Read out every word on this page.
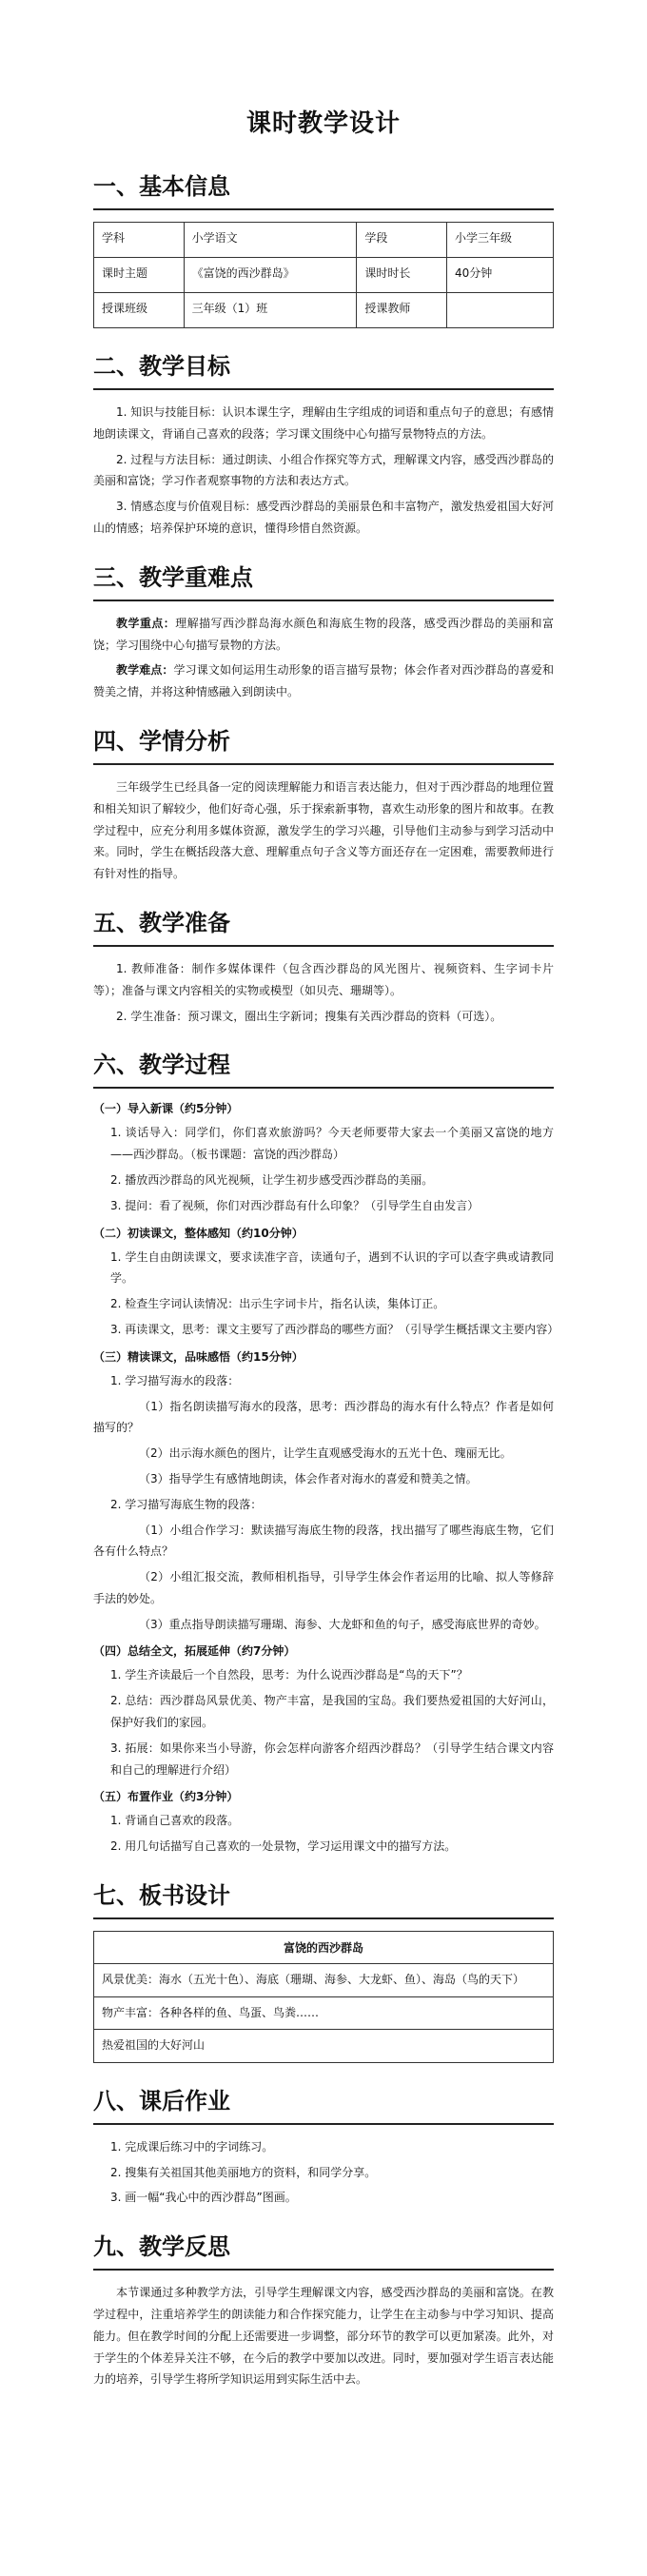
课时教学设计
一、基本信息
学科	小学语文	学段	小学三年级
课时主题	《富饶的西沙群岛》	课时时长	40分钟
授课班级	三年级（1）班	授课教师	
二、教学目标

1. 知识与技能目标：认识本课生字，理解由生字组成的词语和重点句子的意思；有感情地朗读课文，背诵自己喜欢的段落；学习课文围绕中心句描写景物特点的方法。

2. 过程与方法目标：通过朗读、小组合作探究等方式，理解课文内容，感受西沙群岛的美丽和富饶；学习作者观察事物的方法和表达方式。

3. 情感态度与价值观目标：感受西沙群岛的美丽景色和丰富物产，激发热爱祖国大好河山的情感；培养保护环境的意识，懂得珍惜自然资源。

三、教学重难点

教学重点：理解描写西沙群岛海水颜色和海底生物的段落，感受西沙群岛的美丽和富饶；学习围绕中心句描写景物的方法。

教学难点：学习课文如何运用生动形象的语言描写景物；体会作者对西沙群岛的喜爱和赞美之情，并将这种情感融入到朗读中。

四、学情分析

三年级学生已经具备一定的阅读理解能力和语言表达能力，但对于西沙群岛的地理位置和相关知识了解较少，他们好奇心强，乐于探索新事物，喜欢生动形象的图片和故事。在教学过程中，应充分利用多媒体资源，激发学生的学习兴趣，引导他们主动参与到学习活动中来。同时，学生在概括段落大意、理解重点句子含义等方面还存在一定困难，需要教师进行有针对性的指导。

五、教学准备

1. 教师准备：制作多媒体课件（包含西沙群岛的风光图片、视频资料、生字词卡片等）；准备与课文内容相关的实物或模型（如贝壳、珊瑚等）。

2. 学生准备：预习课文，圈出生字新词；搜集有关西沙群岛的资料（可选）。

六、教学过程
（一）导入新课（约5分钟）

1. 谈话导入：同学们，你们喜欢旅游吗？今天老师要带大家去一个美丽又富饶的地方——西沙群岛。（板书课题：富饶的西沙群岛）

2. 播放西沙群岛的风光视频，让学生初步感受西沙群岛的美丽。

3. 提问：看了视频，你们对西沙群岛有什么印象？（引导学生自由发言）

（二）初读课文，整体感知（约10分钟）

1. 学生自由朗读课文，要求读准字音，读通句子，遇到不认识的字可以查字典或请教同学。

2. 检查生字词认读情况：出示生字词卡片，指名认读，集体订正。

3. 再读课文，思考：课文主要写了西沙群岛的哪些方面？（引导学生概括课文主要内容）

（三）精读课文，品味感悟（约15分钟）

1. 学习描写海水的段落：

（1）指名朗读描写海水的段落，思考：西沙群岛的海水有什么特点？作者是如何描写的？

（2）出示海水颜色的图片，让学生直观感受海水的五光十色、瑰丽无比。

（3）指导学生有感情地朗读，体会作者对海水的喜爱和赞美之情。

2. 学习描写海底生物的段落：

（1）小组合作学习：默读描写海底生物的段落，找出描写了哪些海底生物，它们各有什么特点？

（2）小组汇报交流，教师相机指导，引导学生体会作者运用的比喻、拟人等修辞手法的妙处。

（3）重点指导朗读描写珊瑚、海参、大龙虾和鱼的句子，感受海底世界的奇妙。

（四）总结全文，拓展延伸（约7分钟）

1. 学生齐读最后一个自然段，思考：为什么说西沙群岛是“鸟的天下”？

2. 总结：西沙群岛风景优美、物产丰富，是我国的宝岛。我们要热爱祖国的大好河山，保护好我们的家园。

3. 拓展：如果你来当小导游，你会怎样向游客介绍西沙群岛？（引导学生结合课文内容和自己的理解进行介绍）

（五）布置作业（约3分钟）

1. 背诵自己喜欢的段落。

2. 用几句话描写自己喜欢的一处景物，学习运用课文中的描写方法。

七、板书设计
富饶的西沙群岛
风景优美：海水（五光十色）、海底（珊瑚、海参、大龙虾、鱼）、海岛（鸟的天下）
物产丰富：各种各样的鱼、鸟蛋、鸟粪……
热爱祖国的大好河山
八、课后作业

1. 完成课后练习中的字词练习。

2. 搜集有关祖国其他美丽地方的资料，和同学分享。

3. 画一幅“我心中的西沙群岛”图画。

九、教学反思

本节课通过多种教学方法，引导学生理解课文内容，感受西沙群岛的美丽和富饶。在教学过程中，注重培养学生的朗读能力和合作探究能力，让学生在主动参与中学习知识、提高能力。但在教学时间的分配上还需要进一步调整，部分环节的教学可以更加紧凑。此外，对于学生的个体差异关注不够，在今后的教学中要加以改进。同时，要加强对学生语言表达能力的培养，引导学生将所学知识运用到实际生活中去。
